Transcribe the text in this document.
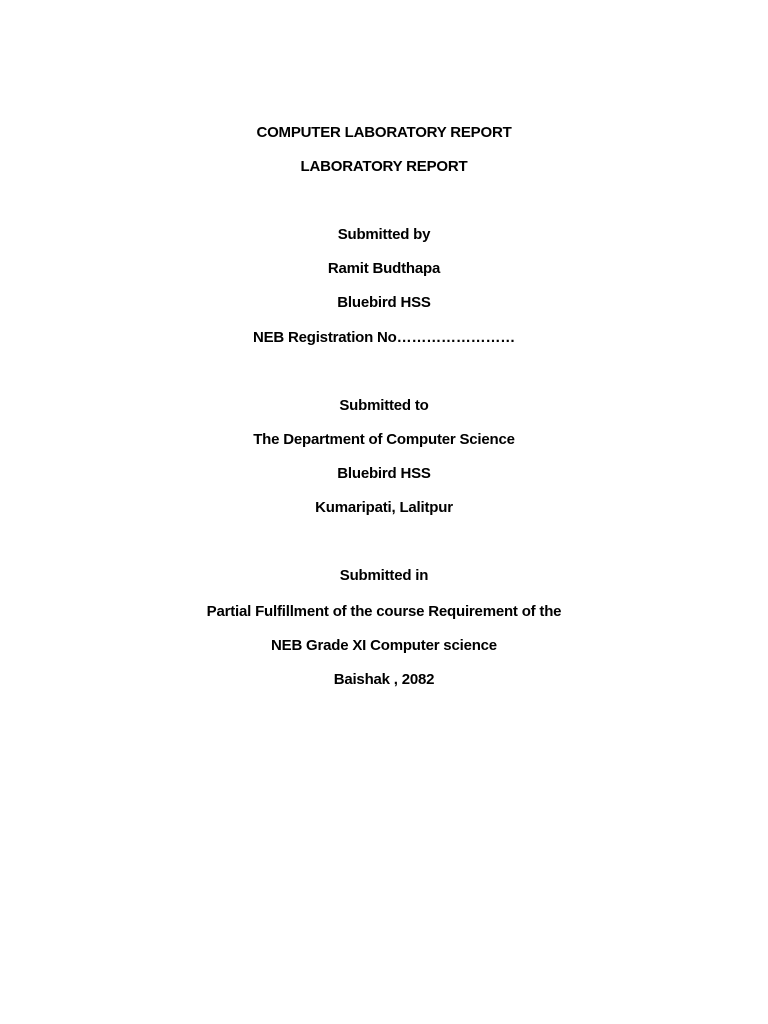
COMPUTER LABORATORY REPORT
LABORATORY REPORT
Submitted by
Ramit Budthapa
Bluebird HSS
NEB Registration No……………………
Submitted to
The Department of Computer Science
Bluebird HSS
Kumaripati, Lalitpur
Submitted in
Partial Fulfillment of the course Requirement of the
NEB Grade XI Computer science
Baishak , 2082
